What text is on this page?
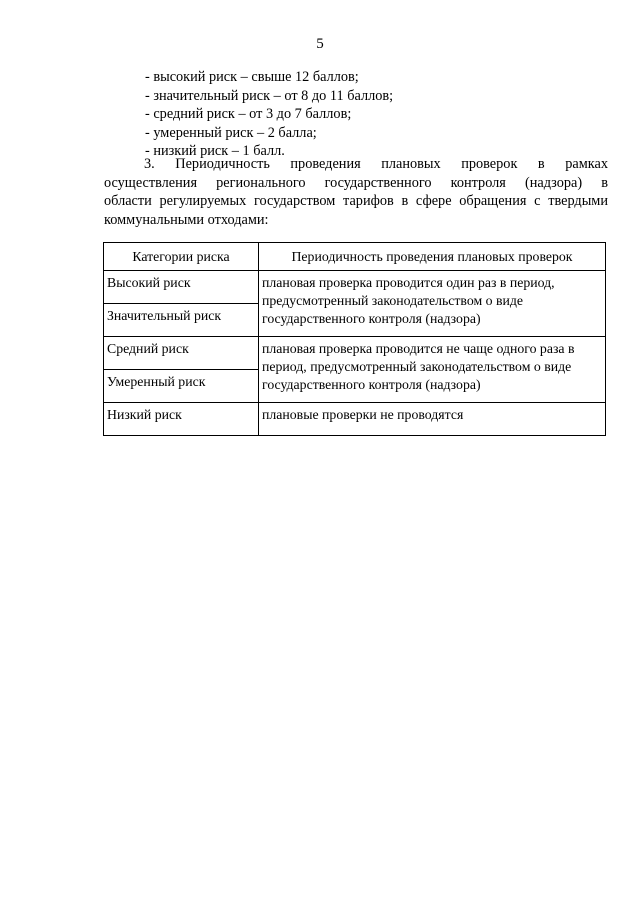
5
- высокий риск – свыше 12 баллов;
- значительный риск – от 8 до 11 баллов;
- средний риск – от 3 до 7 баллов;
- умеренный риск – 2 балла;
- низкий риск – 1 балл.
3. Периодичность проведения плановых проверок в рамках
осуществления регионального государственного контроля (надзора) в
области регулируемых государством тарифов в сфере обращения с твердыми
коммунальными отходами:
Категории риска	Периодичность проведения плановых проверок
Высокий риск	плановая проверка проводится один раз в период, предусмотренный законодательством о виде государственного контроля (надзора)
Значительный риск	
Средний риск	плановая проверка проводится не чаще одного раза в период, предусмотренный законодательством о виде государственного контроля (надзора)
Умеренный риск	
Низкий риск	плановые проверки не проводятся
